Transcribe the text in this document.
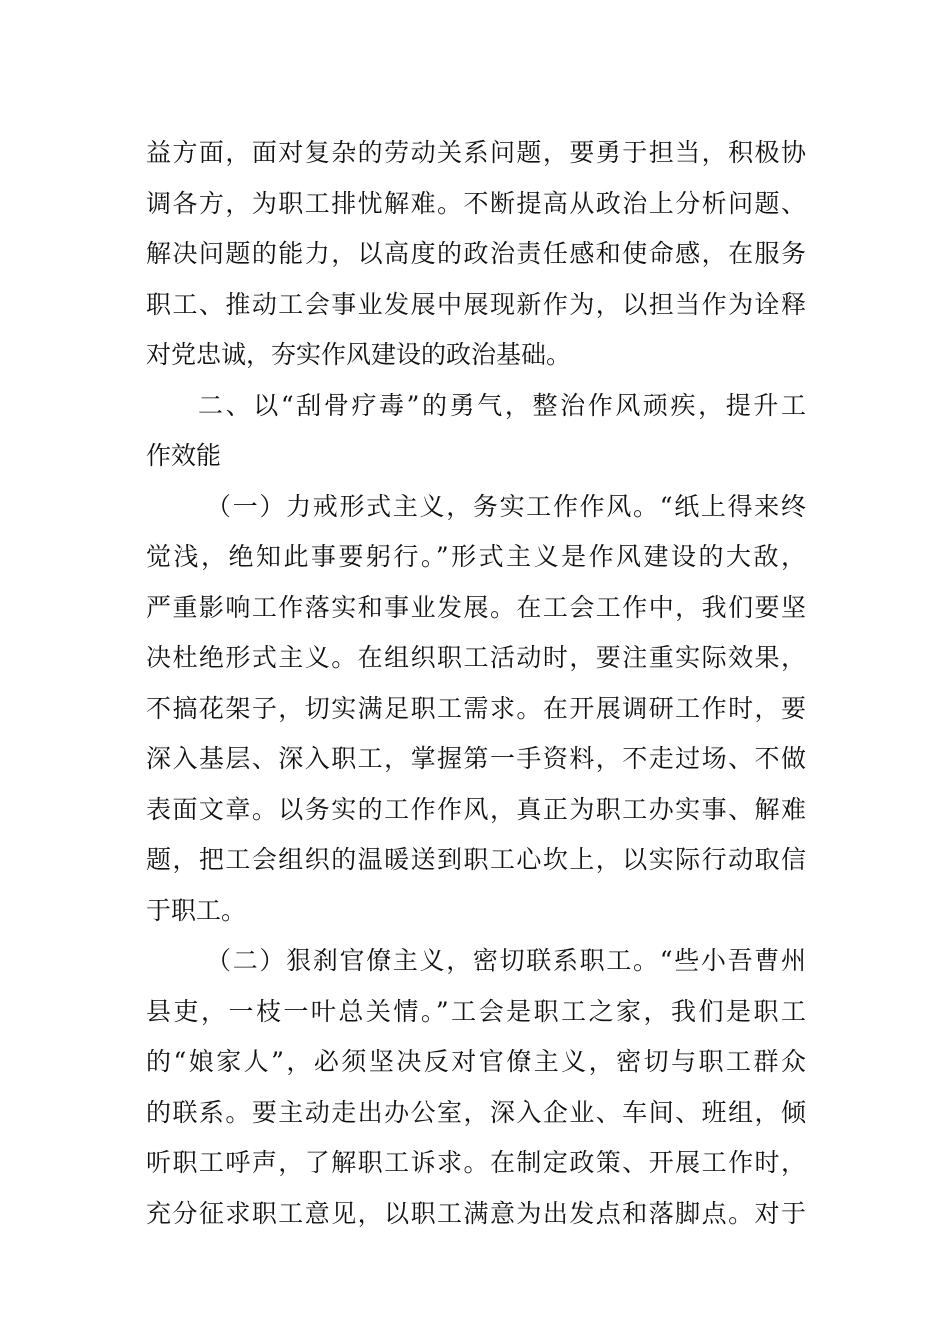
益方面，面对复杂的劳动关系问题，要勇于担当，积极协
调各方，为职工排忧解难。不断提高从政治上分析问题、
解决问题的能力，以高度的政治责任感和使命感，在服务
职工、推动工会事业发展中展现新作为，以担当作为诠释
对党忠诚，夯实作风建设的政治基础。
二、以“刮骨疗毒”的勇气，整治作风顽疾，提升工
作效能
（一）力戒形式主义，务实工作作风。“纸上得来终
觉浅，绝知此事要躬行。”形式主义是作风建设的大敌，
严重影响工作落实和事业发展。在工会工作中，我们要坚
决杜绝形式主义。在组织职工活动时，要注重实际效果，
不搞花架子，切实满足职工需求。在开展调研工作时，要
深入基层、深入职工，掌握第一手资料，不走过场、不做
表面文章。以务实的工作作风，真正为职工办实事、解难
题，把工会组织的温暖送到职工心坎上，以实际行动取信
于职工。
（二）狠刹官僚主义，密切联系职工。“些小吾曹州
县吏，一枝一叶总关情。”工会是职工之家，我们是职工
的“娘家人”，必须坚决反对官僚主义，密切与职工群众
的联系。要主动走出办公室，深入企业、车间、班组，倾
听职工呼声，了解职工诉求。在制定政策、开展工作时，
充分征求职工意见，以职工满意为出发点和落脚点。对于
